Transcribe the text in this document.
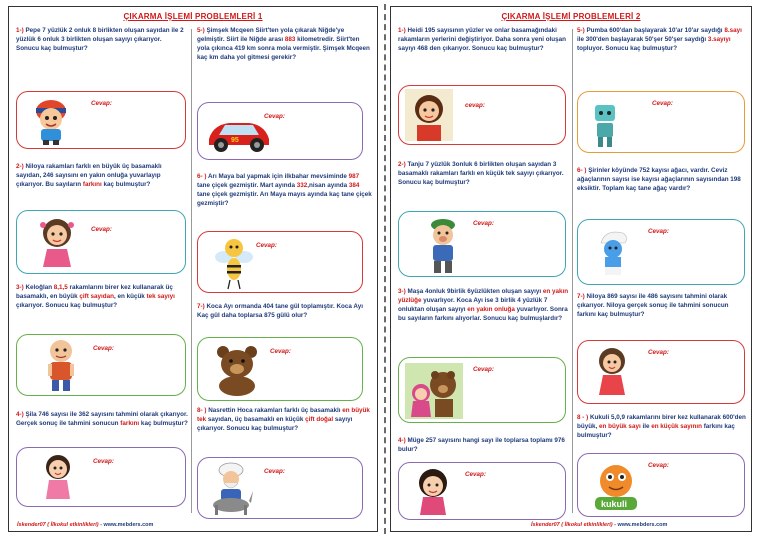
ÇIKARMA İŞLEMİ PROBLEMLERİ 1
1-) Pepe 7 yüzlük 2 onluk 8 birlikten oluşan sayıdan ile 2 yüzlük 6 onluk 3 birlikten oluşan sayıyı çıkarıyor. Sonucu kaç bulmuştur?
Cevap:
2-) Niloya rakamları farklı en büyük üç basamaklı sayıdan, 246 sayısını en yakın onluğa yuvarlayıp çıkarıyor. Bu sayıların farkını kaç bulmuştur?
Cevap:
3-) Keloğlan 8,1,5 rakamlarını birer kez kullanarak üç basamaklı, en büyük çift sayıdan, en küçük tek sayıyı çıkarıyor. Sonucu kaç bulmuştur?
Cevap:
4-) Şila 746 sayısı ile 362 sayısını tahmini olarak çıkarıyor. Gerçek sonuç ile tahmini sonucun farkını kaç bulmuştur?
Cevap:
5-) Şimşek Mcqeen Siirt'ten yola çıkarak Niğde'ye gelmiştir. Siirt ile Niğde arası 883 kilometredir. Siirt'ten yola çıkınca 419 km sonra mola vermiştir. Şimşek Mcqeen kaç km daha yol gitmesi gerekir?
Cevap:
95
6- ) Arı Maya bal yapmak için ilkbahar mevsiminde 987 tane çiçek gezmiştir. Mart ayında 332,nisan ayında 384 tane çiçek gezmiştir. Arı Maya mayıs ayında kaç tane çiçek gezmiştir?
Cevap:
7-) Koca Ayı ormanda 404 tane gül toplamıştır. Koca Ayı Kaç gül daha toplarsa 875 gülü olur?
Cevap:
8- ) Nasrettin Hoca rakamları farklı üç basamaklı en büyük tek sayıdan, üç basamaklı en küçük çift doğal sayıyı çıkarıyor. Sonucu kaç bulmuştur?
Cevap:
İskender07 ( İlkokul etkinlikleri) - www.mebders.com
ÇIKARMA İŞLEMİ PROBLEMLERİ 2
1-) Heidi 195 sayısının yüzler ve onlar basamağındaki rakamların yerlerini değiştiriyor. Daha sonra yeni oluşan sayıyı 468 den çıkarıyor. Sonucu kaç bulmuştur?
cevap:
2-) Tanju 7 yüzlük 3onluk 6 birlikten oluşan sayıdan 3 basamaklı rakamları farklı en küçük tek sayıyı çıkarıyor. Sonucu kaç bulmuştur?
Cevap:
3-) Maşa 4onluk 9birlik 6yüzlükten oluşan sayıyı en yakın yüzlüğe yuvarlıyor. Koca Ayı ise 3 birlik 4 yüzlük 7 onluktan oluşan sayıyı en yakın onluğa yuvarlıyor. Sonra bu sayıların farkını alıyorlar. Sonucu kaç bulmuşlardır?
Cevap:
4-) Müge 257 sayısını hangi sayı ile toplarsa toplamı 976 bulur?
Cevap:
5-) Pumba 600'dan başlayarak 10'ar 10'ar saydığı 8.sayı ile 300'den başlayarak 50'şer 50'şer saydığı 3.sayıyı topluyor. Sonucu kaç bulmuştur?
Cevap:
6- ) Şirinler köyünde 752 kayısı ağacı, vardır. Ceviz ağaçlarının sayısı ise kayısı ağaçlarının sayısından 198 eksiktir. Toplam kaç tane ağaç vardır?
Cevap:
7-) Niloya 869 sayısı ile 486 sayısını tahmini olarak çıkarıyor. Niloya gerçek sonuç ile tahmini sonucun farkını kaç bulmuştur?
Cevap:
8 - ) Kukuli 5,0,9 rakamlarını birer kez kullanarak 600'den büyük, en büyük sayı ile en küçük sayının farkını kaç bulmuştur?
Cevap:
kukuli
İskender07 ( İlkokul etkinlikleri) - www.mebders.com
